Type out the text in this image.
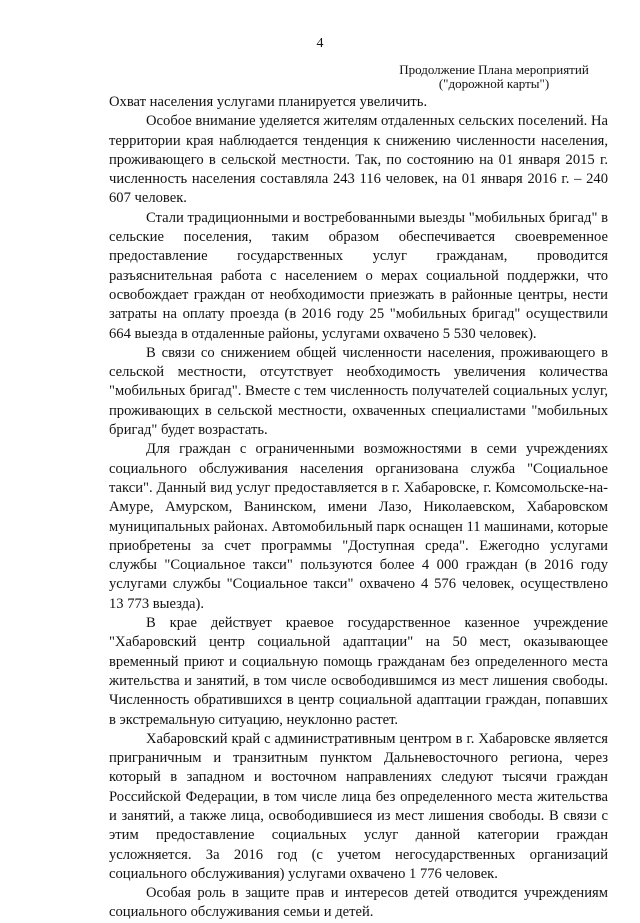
4
Продолжение Плана мероприятий
("дорожной карты")

Охват населения услугами планируется увеличить.

Особое внимание уделяется жителям отдаленных сельских поселений. На территории края наблюдается тенденция к снижению численности населения, проживающего в сельской местности. Так, по состоянию на 01 января 2015 г. численность населения составляла 243 116 человек, на 01 января 2016 г. – 240 607 человек.

Стали традиционными и востребованными выезды "мобильных бригад" в сельские поселения, таким образом обеспечивается своевременное предоставление государственных услуг гражданам, проводится разъяснительная работа с населением о мерах социальной поддержки, что освобождает граждан от необходимости приезжать в районные центры, нести затраты на оплату проезда (в 2016 году 25 "мобильных бригад" осуществили 664 выезда в отдаленные районы, услугами охвачено 5 530 человек).

В связи со снижением общей численности населения, проживающего в сельской местности, отсутствует необходимость увеличения количества "мобильных бригад". Вместе с тем численность получателей социальных услуг, проживающих в сельской местности, охваченных специалистами "мобильных бригад" будет возрастать.

Для граждан с ограниченными возможностями в семи учреждениях социального обслуживания населения организована служба "Социальное такси". Данный вид услуг предоставляется в г. Хабаровске, г. Комсомольске-на-Амуре, Амурском, Ванинском, имени Лазо, Николаевском, Хабаровском муниципальных районах. Автомобильный парк оснащен 11 машинами, которые приобретены за счет программы "Доступная среда". Ежегодно услугами службы "Социальное такси" пользуются более 4 000 граждан (в 2016 году услугами службы "Социальное такси" охвачено 4 576 человек, осуществлено 13 773 выезда).

В крае действует краевое государственное казенное учреждение "Хабаровский центр социальной адаптации" на 50 мест, оказывающее временный приют и социальную помощь гражданам без определенного места жительства и занятий, в том числе освободившимся из мест лишения свободы. Численность обратившихся в центр социальной адаптации граждан, попавших в экстремальную ситуацию, неуклонно растет.

Хабаровский край с административным центром в г. Хабаровске является приграничным и транзитным пунктом Дальневосточного региона, через который в западном и восточном направлениях следуют тысячи граждан Российской Федерации, в том числе лица без определенного места жительства и занятий, а также лица, освободившиеся из мест лишения свободы. В связи с этим предоставление социальных услуг данной категории граждан усложняется. За 2016 год (с учетом негосударственных организаций социального обслуживания) услугами охвачено 1 776 человек.

Особая роль в защите прав и интересов детей отводится учреждениям социального обслуживания семьи и детей.
